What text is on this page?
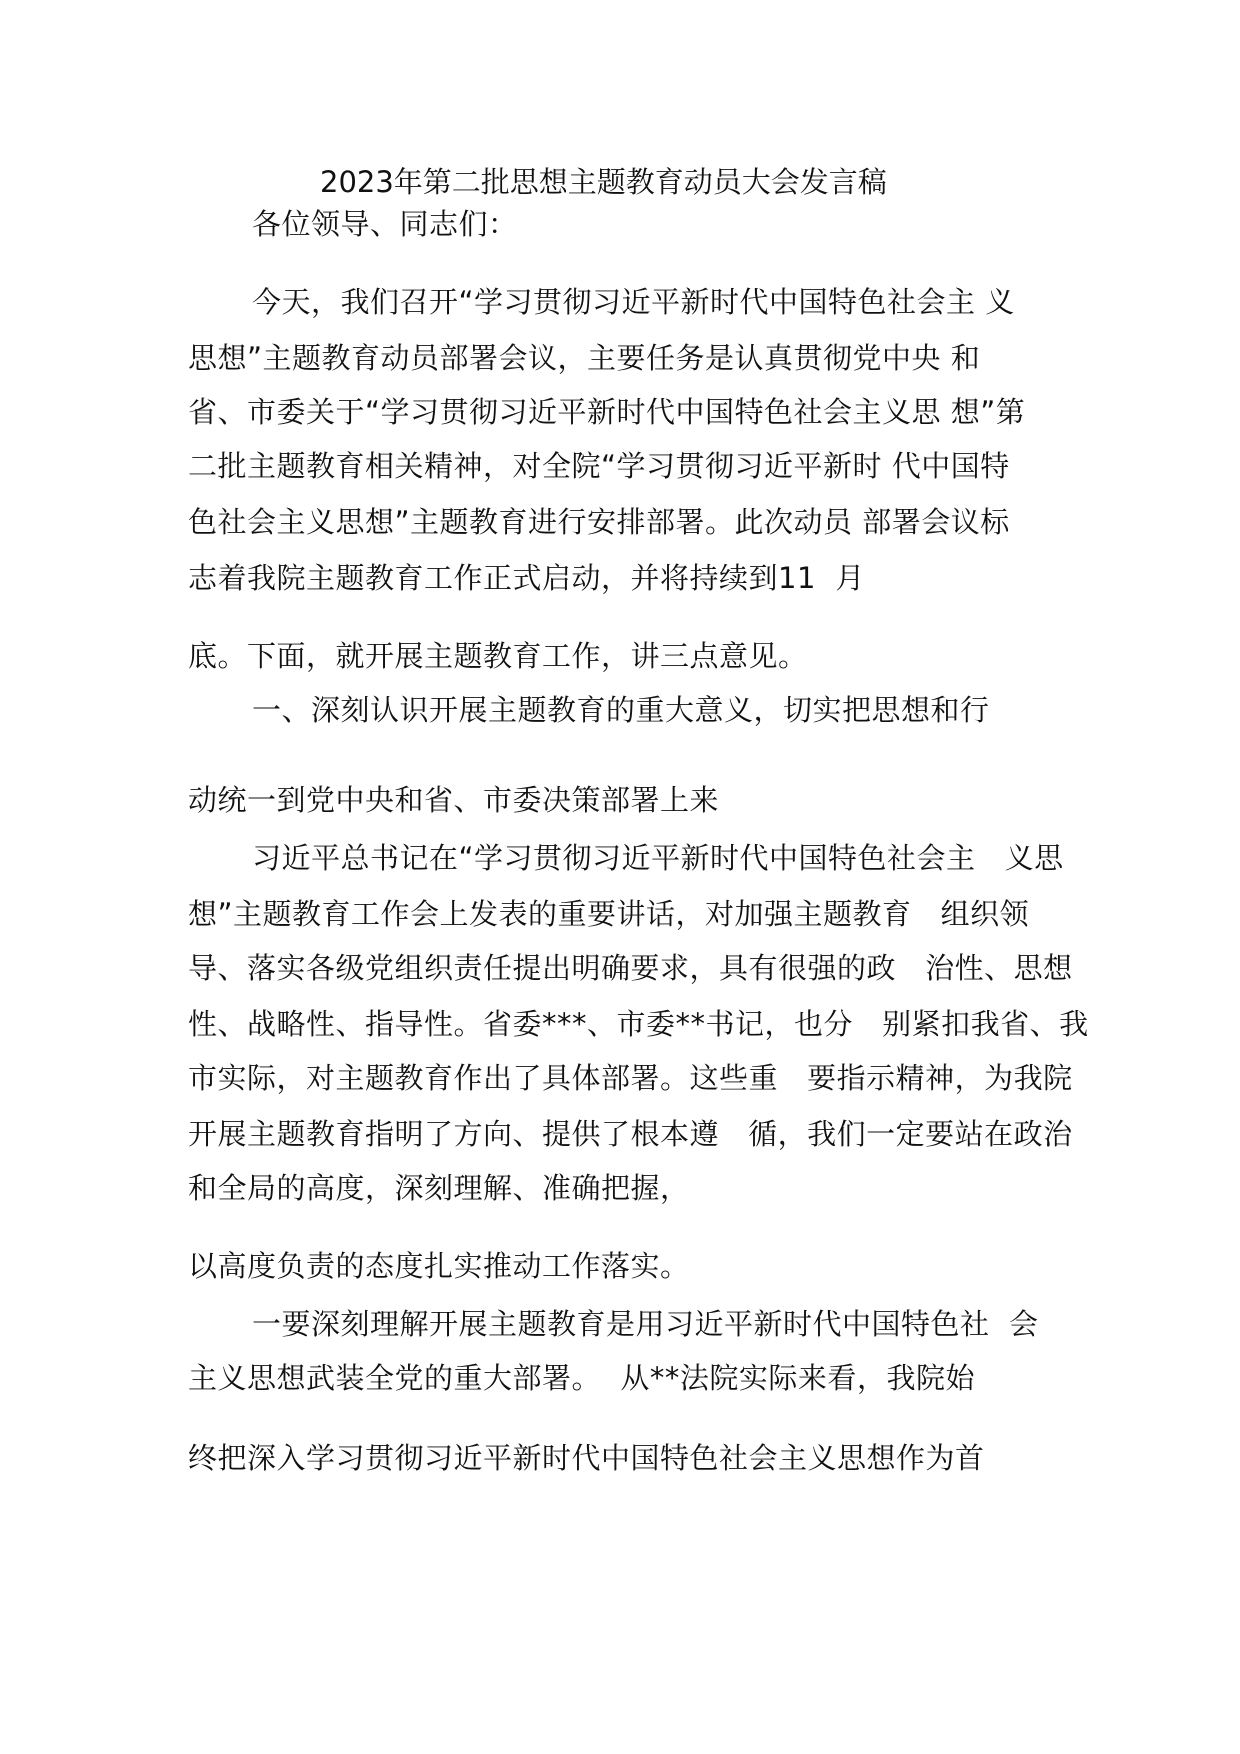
2023年第二批思想主题教育动员大会发言稿
各位领导、同志们：
今天，我们召开“学习贯彻习近平新时代中国特色社会主 义
思想”主题教育动员部署会议，主要任务是认真贯彻党中央 和
省、市委关于“学习贯彻习近平新时代中国特色社会主义思 想”第
二批主题教育相关精神，对全院“学习贯彻习近平新时 代中国特
色社会主义思想”主题教育进行安排部署。此次动员 部署会议标
志着我院主题教育工作正式启动，并将持续到11  月
底。下面，就开展主题教育工作，讲三点意见。
一、深刻认识开展主题教育的重大意义，切实把思想和行
动统一到党中央和省、市委决策部署上来
习近平总书记在“学习贯彻习近平新时代中国特色社会主   义思
想”主题教育工作会上发表的重要讲话，对加强主题教育   组织领
导、落实各级党组织责任提出明确要求，具有很强的政   治性、思想
性、战略性、指导性。省委***、市委**书记，也分   别紧扣我省、我
市实际，对主题教育作出了具体部署。这些重   要指示精神，为我院
开展主题教育指明了方向、提供了根本遵   循，我们一定要站在政治
和全局的高度，深刻理解、准确把握，
以高度负责的态度扎实推动工作落实。
一要深刻理解开展主题教育是用习近平新时代中国特色社  会
主义思想武装全党的重大部署。  从**法院实际来看，我院始
终把深入学习贯彻习近平新时代中国特色社会主义思想作为首
